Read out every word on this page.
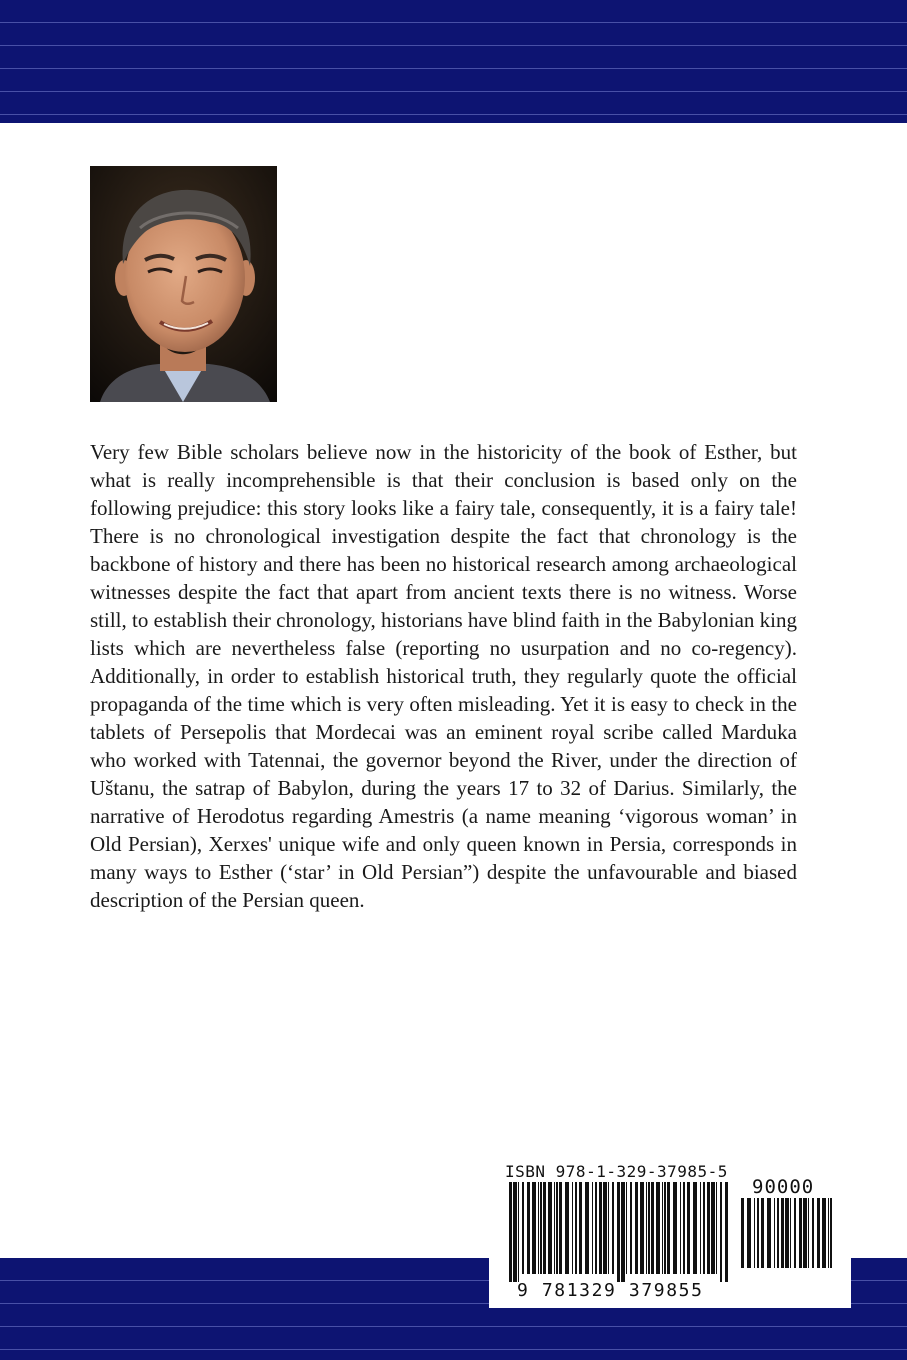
Very few Bible scholars believe now in the historicity of the book of Esther, but what is really incomprehensible is that their conclusion is based only on the following prejudice: this story looks like a fairy tale, consequently, it is a fairy tale! There is no chronological investigation despite the fact that chronology is the backbone of history and there has been no historical research among archaeological witnesses despite the fact that apart from ancient texts there is no witness. Worse still, to establish their chronology, historians have blind faith in the Babylonian king lists which are nevertheless false (reporting no usurpation and no co-regency). Additionally, in order to establish historical truth, they regularly quote the official propaganda of the time which is very often misleading. Yet it is easy to check in the tablets of Persepolis that Mordecai was an eminent royal scribe called Marduka who worked with Tatennai, the governor beyond the River, under the direction of Uštanu, the satrap of Babylon, during the years 17 to 32 of Darius. Similarly, the narrative of Herodotus regarding Amestris (a name meaning ‘vigorous woman’ in Old Persian), Xerxes' unique wife and only queen known in Persia, corresponds in many ways to Esther (‘star’ in Old Persian”) despite the unfavourable and biased description of the Persian queen.

ISBN 978-1-329-37985-5
90000
9 781329 379855
